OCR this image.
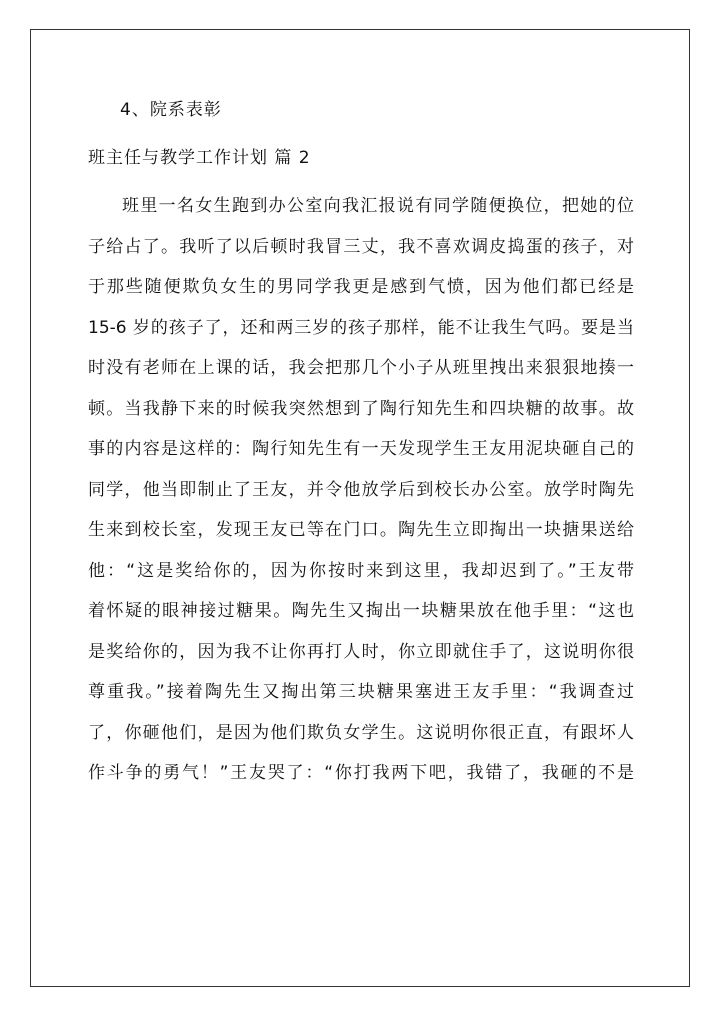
4、院系表彰
班主任与教学工作计划 篇 2
班里一名女生跑到办公室向我汇报说有同学随便换位，把她的位
子给占了。我听了以后顿时我冒三丈，我不喜欢调皮捣蛋的孩子，对
于那些随便欺负女生的男同学我更是感到气愤，因为他们都已经是
15-6 岁的孩子了，还和两三岁的孩子那样，能不让我生气吗。要是当
时没有老师在上课的话，我会把那几个小子从班里拽出来狠狠地揍一
顿。当我静下来的时候我突然想到了陶行知先生和四块糖的故事。故
事的内容是这样的：陶行知先生有一天发现学生王友用泥块砸自己的
同学，他当即制止了王友，并令他放学后到校长办公室。放学时陶先
生来到校长室，发现王友已等在门口。陶先生立即掏出一块搪果送给
他：“这是奖给你的，因为你按时来到这里，我却迟到了。”王友带
着怀疑的眼神接过糖果。陶先生又掏出一块糖果放在他手里：“这也
是奖给你的，因为我不让你再打人时，你立即就住手了，这说明你很
尊重我。”接着陶先生又掏出第三块糖果塞进王友手里：“我调查过
了，你砸他们，是因为他们欺负女学生。这说明你很正直，有跟坏人
作斗争的勇气！”王友哭了：“你打我两下吧，我错了，我砸的不是
